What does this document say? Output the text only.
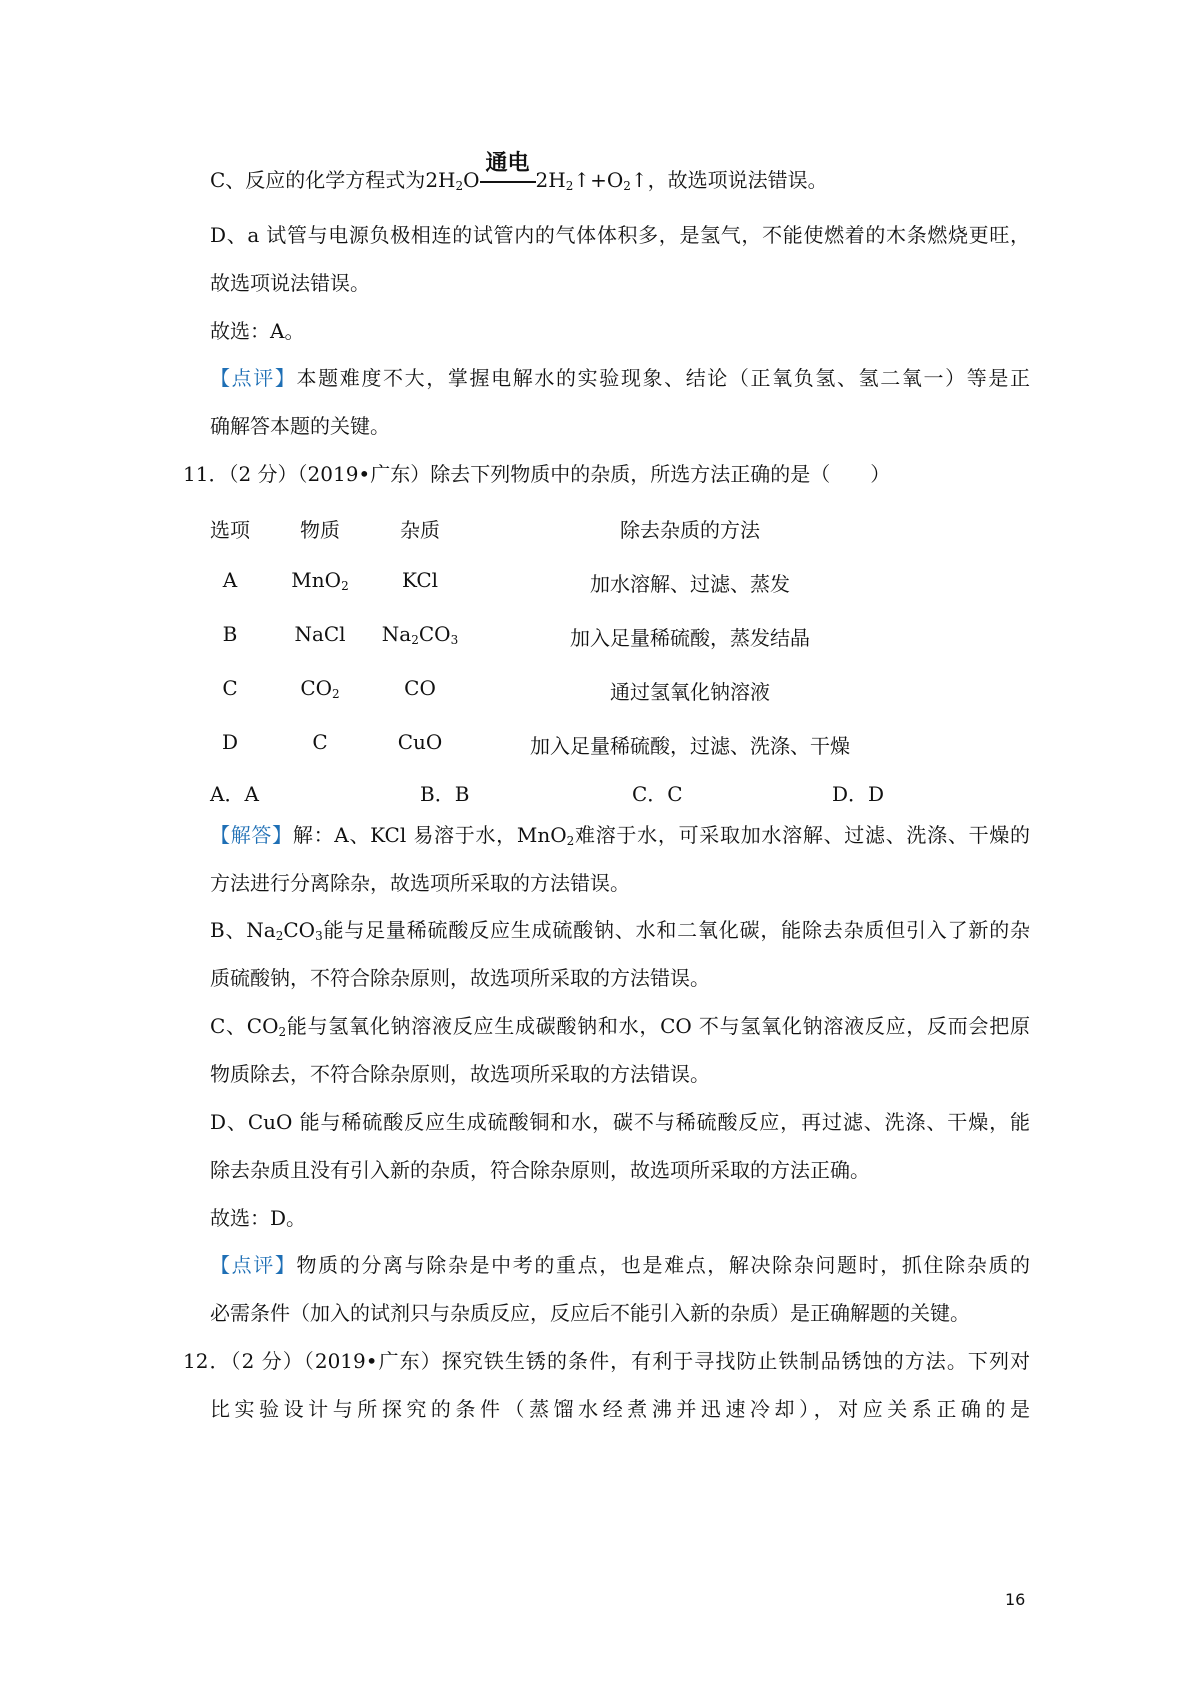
C、反应的化学方程式为$2H_2O$
通电
$2H_2↑+O_2↑$，故选项说法错误。
D、a 试管与电源负极相连的试管内的气体体积多，是氢气，不能使燃着的木条燃烧更旺，
故选项说法错误。
故选：A。
【点评】本题难度不大，掌握电解水的实验现象、结论（正氧负氢、氢二氧一）等是正
确解答本题的关键。
11．（2 分）（2019•广东）除去下列物质中的杂质，所选方法正确的是（　　）
选项	物质	杂质	除去杂质的方法
A	MnO$_2$	KCl	加水溶解、过滤、蒸发
B	NaCl	$Na_2CO_3$	加入足量稀硫酸，蒸发结晶
C	$CO_2$	CO	通过氢氧化钠溶液
D	C	CuO	加入足量稀硫酸，过滤、洗涤、干燥
A．A	B．B	C．C	D．D
【解答】解：A、KCl 易溶于水，MnO$_2$难溶于水，可采取加水溶解、过滤、洗涤、干燥的
方法进行分离除杂，故选项所采取的方法错误。
B、$Na_2CO_3$能与足量稀硫酸反应生成硫酸钠、水和二氧化碳，能除去杂质但引入了新的杂
质硫酸钠，不符合除杂原则，故选项所采取的方法错误。
C、$CO_2$能与氢氧化钠溶液反应生成碳酸钠和水，CO 不与氢氧化钠溶液反应，反而会把原
物质除去，不符合除杂原则，故选项所采取的方法错误。
D、CuO 能与稀硫酸反应生成硫酸铜和水，碳不与稀硫酸反应，再过滤、洗涤、干燥，能
除去杂质且没有引入新的杂质，符合除杂原则，故选项所采取的方法正确。
故选：D。
【点评】物质的分离与除杂是中考的重点，也是难点，解决除杂问题时，抓住除杂质的
必需条件（加入的试剂只与杂质反应，反应后不能引入新的杂质）是正确解题的关键。
12．（2 分）（2019•广东）探究铁生锈的条件，有利于寻找防止铁制品锈蚀的方法。下列对
比实验设计与所探究的条件（蒸馏水经煮沸并迅速冷却），对应关系正确的是
16
